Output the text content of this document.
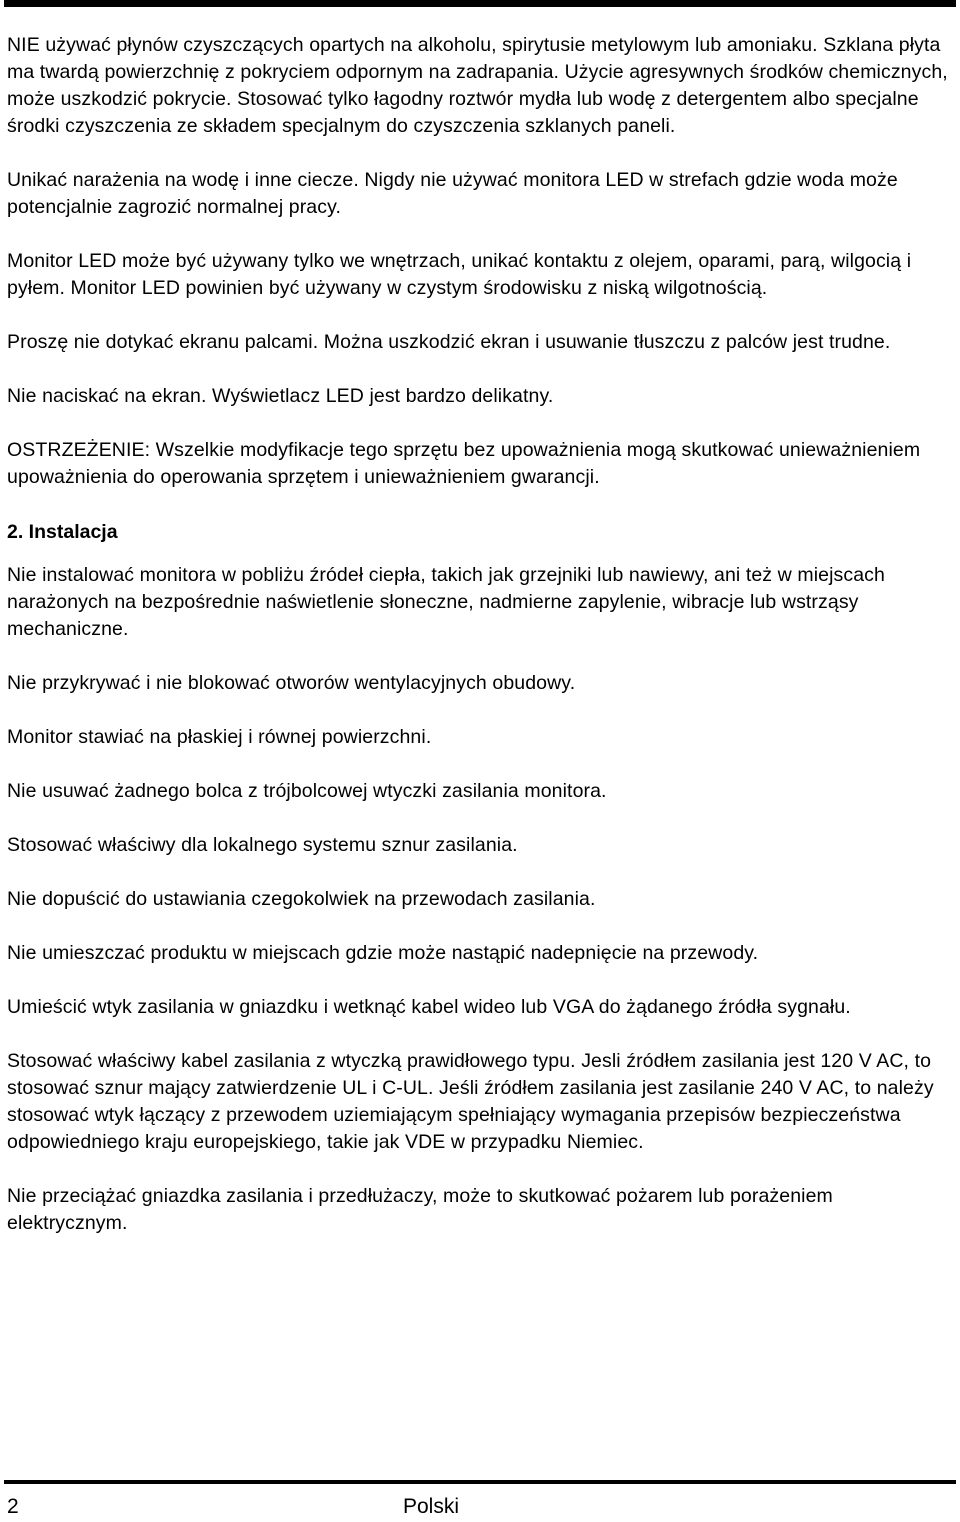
NIE używać płynów czyszczących opartych na alkoholu, spirytusie metylowym lub amoniaku. Szklana płyta ma twardą powierzchnię z pokryciem odpornym na zadrapania. Użycie agresywnych środków chemicznych, może uszkodzić pokrycie. Stosować tylko łagodny roztwór mydła lub wodę z detergentem albo specjalne środki czyszczenia ze składem specjalnym do czyszczenia szklanych paneli.

Unikać narażenia na wodę i inne ciecze. Nigdy nie używać monitora LED w strefach gdzie woda może potencjalnie zagrozić normalnej pracy.

Monitor LED może być używany tylko we wnętrzach, unikać kontaktu z olejem, oparami, parą, wilgocią i pyłem. Monitor LED powinien być używany w czystym środowisku z niską wilgotnością.

Proszę nie dotykać ekranu palcami. Można uszkodzić ekran i usuwanie tłuszczu z palców jest trudne.

Nie naciskać na ekran. Wyświetlacz LED jest bardzo delikatny.

OSTRZEŻENIE: Wszelkie modyfikacje tego sprzętu bez upoważnienia mogą skutkować unieważnieniem upoważnienia do operowania sprzętem i unieważnieniem gwarancji.

2. Instalacja

Nie instalować monitora w pobliżu źródeł ciepła, takich jak grzejniki lub nawiewy, ani też w miejscach narażonych na bezpośrednie naświetlenie słoneczne, nadmierne zapylenie, wibracje lub wstrząsy mechaniczne.

Nie przykrywać i nie blokować otworów wentylacyjnych obudowy.

Monitor stawiać na płaskiej i równej powierzchni.

Nie usuwać żadnego bolca z trójbolcowej wtyczki zasilania monitora.

Stosować właściwy dla lokalnego systemu sznur zasilania.

Nie dopuścić do ustawiania czegokolwiek na przewodach zasilania.

Nie umieszczać produktu w miejscach gdzie może nastąpić nadepnięcie na przewody.

Umieścić wtyk zasilania w gniazdku i wetknąć kabel wideo lub VGA do żądanego źródła sygnału.

Stosować właściwy kabel zasilania z wtyczką prawidłowego typu. Jesli źródłem zasilania jest 120 V AC, to stosować sznur mający zatwierdzenie UL i C-UL. Jeśli źródłem zasilania jest zasilanie 240 V AC, to należy stosować wtyk łączący z przewodem uziemiającym spełniający wymagania przepisów bezpieczeństwa odpowiedniego kraju europejskiego, takie jak VDE w przypadku Niemiec.

Nie przeciążać gniazdka zasilania i przedłużaczy, może to skutkować pożarem lub porażeniem elektrycznym.

2	Polski
